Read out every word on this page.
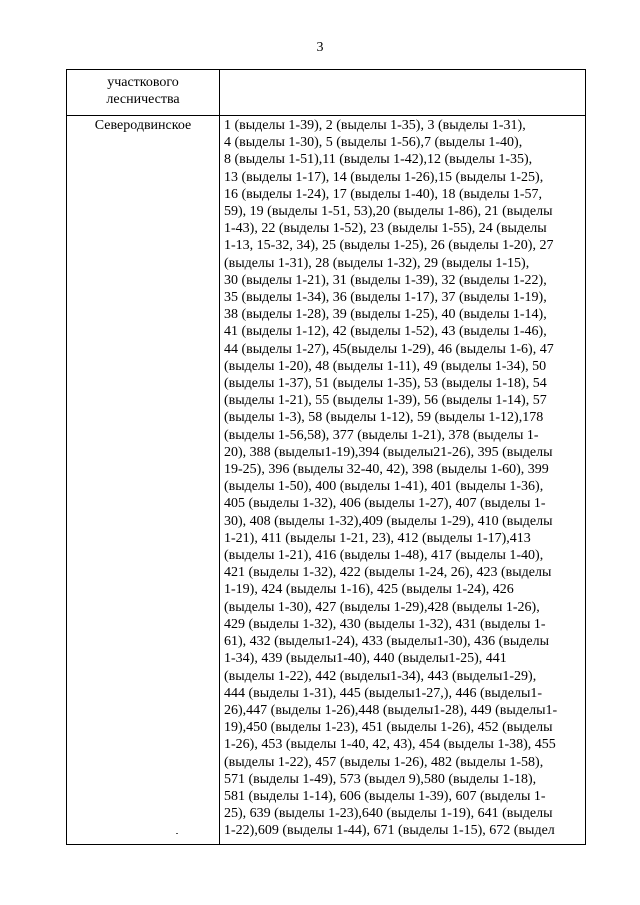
3
участкового
лесничества
Северодвинское	1 (выделы 1-39), 2 (выделы 1-35), 3 (выделы 1-31),
4 (выделы 1-30), 5 (выделы 1-56),7 (выделы 1-40),
8 (выделы 1-51),11 (выделы 1-42),12 (выделы 1-35),
13 (выделы 1-17), 14 (выделы 1-26),15 (выделы 1-25),
16 (выделы 1-24), 17 (выделы 1-40), 18 (выделы 1-57,
59), 19 (выделы 1-51, 53),20 (выделы 1-86), 21 (выделы
1-43), 22 (выделы 1-52), 23 (выделы 1-55), 24 (выделы
1-13, 15-32, 34), 25 (выделы 1-25), 26 (выделы 1-20), 27
(выделы 1-31), 28 (выделы 1-32), 29 (выделы 1-15),
30 (выделы 1-21), 31 (выделы 1-39), 32 (выделы 1-22),
35 (выделы 1-34), 36 (выделы 1-17), 37 (выделы 1-19),
38 (выделы 1-28), 39 (выделы 1-25), 40 (выделы 1-14),
41 (выделы 1-12), 42 (выделы 1-52), 43 (выделы 1-46),
44 (выделы 1-27), 45(выделы 1-29), 46 (выделы 1-6), 47
(выделы 1-20), 48 (выделы 1-11), 49 (выделы 1-34), 50
(выделы 1-37), 51 (выделы 1-35), 53 (выделы 1-18), 54
(выделы 1-21), 55 (выделы 1-39), 56 (выделы 1-14), 57
(выделы 1-3), 58 (выделы 1-12), 59 (выделы 1-12),178
(выделы 1-56,58), 377 (выделы 1-21), 378 (выделы 1-
20), 388 (выделы1-19),394 (выделы21-26), 395 (выделы
19-25), 396 (выделы 32-40, 42), 398 (выделы 1-60), 399
(выделы 1-50), 400 (выделы 1-41), 401 (выделы 1-36),
405 (выделы 1-32), 406 (выделы 1-27), 407 (выделы 1-
30), 408 (выделы 1-32),409 (выделы 1-29), 410 (выделы
1-21), 411 (выделы 1-21, 23), 412 (выделы 1-17),413
(выделы 1-21), 416 (выделы 1-48), 417 (выделы 1-40),
421 (выделы 1-32), 422 (выделы 1-24, 26), 423 (выделы
1-19), 424 (выделы 1-16), 425 (выделы 1-24), 426
(выделы 1-30), 427 (выделы 1-29),428 (выделы 1-26),
429 (выделы 1-32), 430 (выделы 1-32), 431 (выделы 1-
61), 432 (выделы1-24), 433 (выделы1-30), 436 (выделы
1-34), 439 (выделы1-40), 440 (выделы1-25), 441
(выделы 1-22), 442 (выделы1-34), 443 (выделы1-29),
444 (выделы 1-31), 445 (выделы1-27,), 446 (выделы1-
26),447 (выделы 1-26),448 (выделы1-28), 449 (выделы1-
19),450 (выделы 1-23), 451 (выделы 1-26), 452 (выделы
1-26), 453 (выделы 1-40, 42, 43), 454 (выделы 1-38), 455
(выделы 1-22), 457 (выделы 1-26), 482 (выделы 1-58),
571 (выделы 1-49), 573 (выдел 9),580 (выделы 1-18),
581 (выделы 1-14), 606 (выделы 1-39), 607 (выделы 1-
25), 639 (выделы 1-23),640 (выделы 1-19), 641 (выделы
1-22),609 (выделы 1-44), 671 (выделы 1-15), 672 (выдел
